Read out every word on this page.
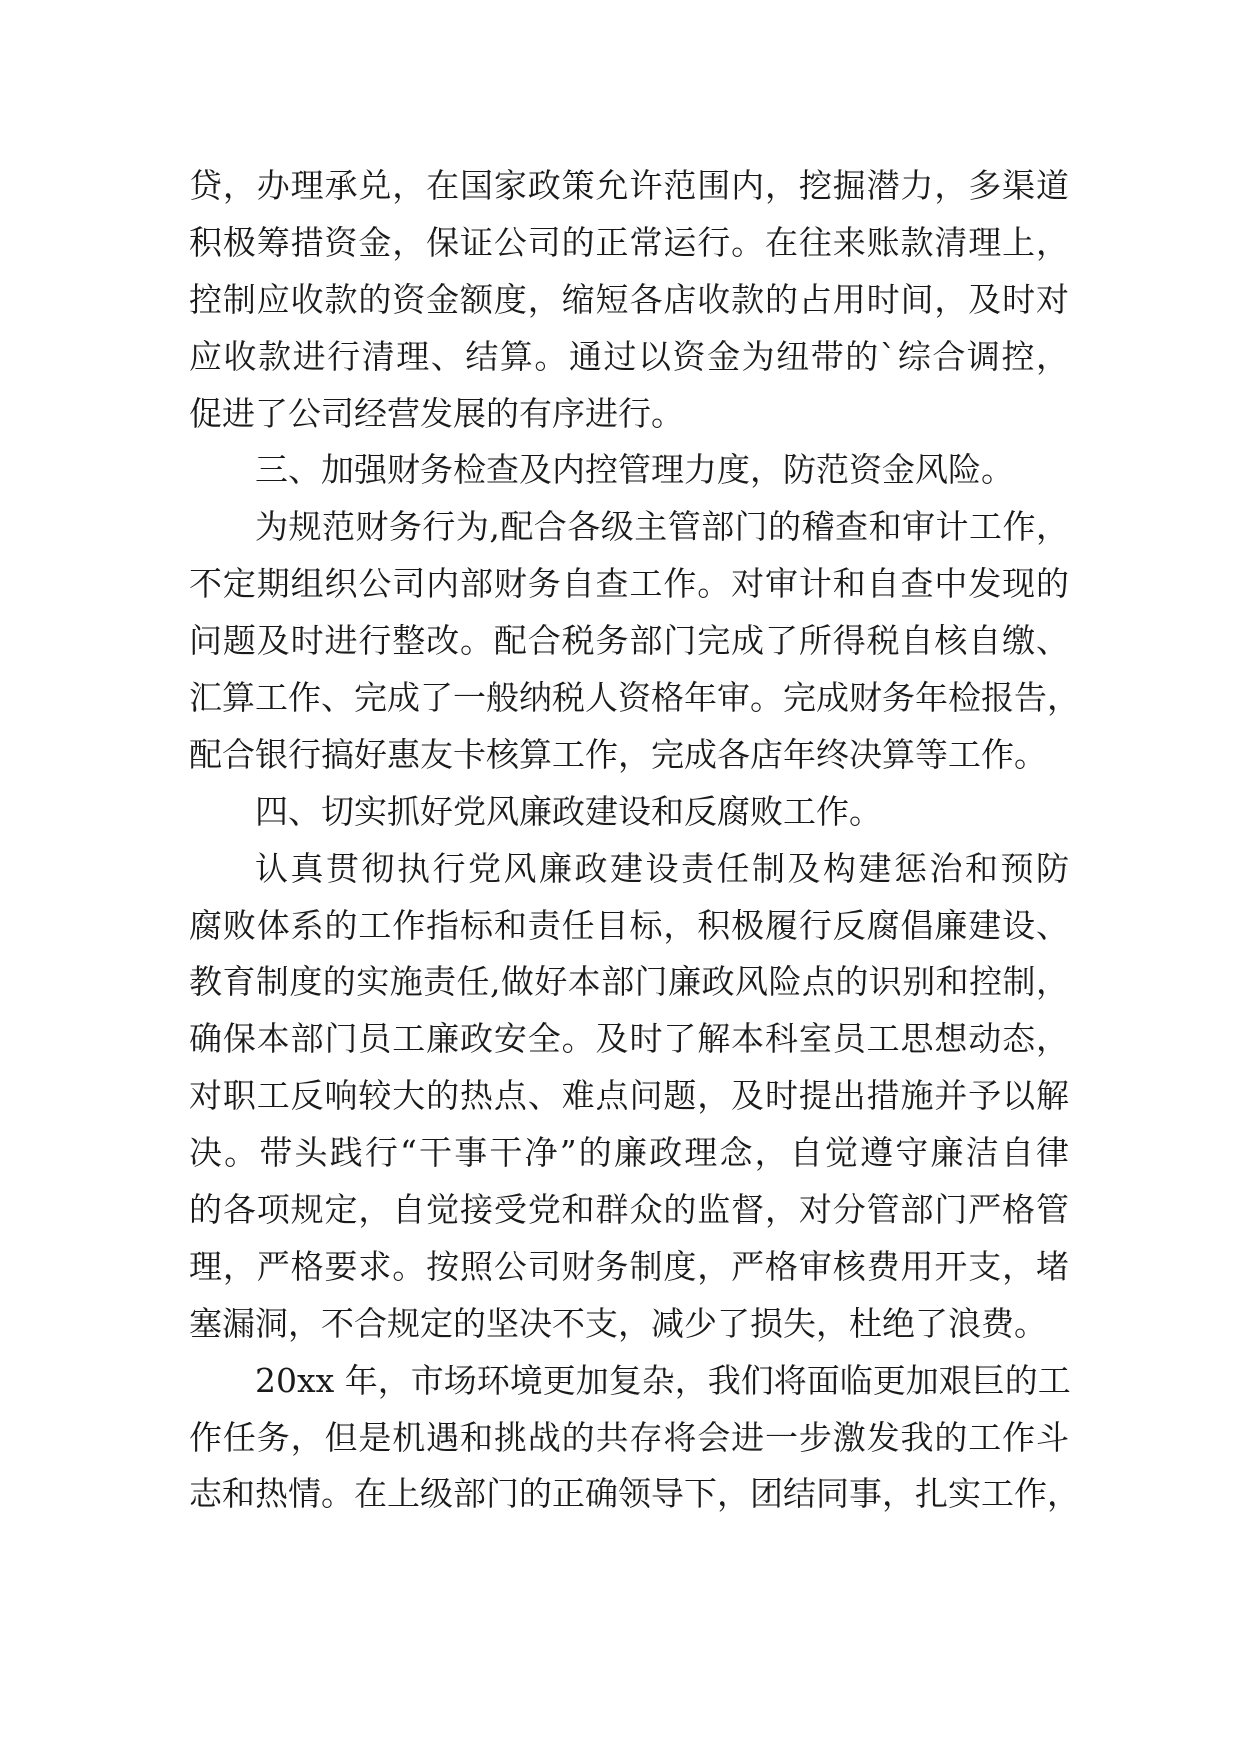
贷，办理承兑，在国家政策允许范围内，挖掘潜力，多渠道
积极筹措资金，保证公司的正常运行。在往来账款清理上，
控制应收款的资金额度，缩短各店收款的占用时间，及时对
应收款进行清理、结算。通过以资金为纽带的`综合调控，
促进了公司经营发展的有序进行。
三、加强财务检查及内控管理力度，防范资金风险。
为规范财务行为,配合各级主管部门的稽查和审计工作，
不定期组织公司内部财务自查工作。对审计和自查中发现的
问题及时进行整改。配合税务部门完成了所得税自核自缴、
汇算工作、完成了一般纳税人资格年审。完成财务年检报告，
配合银行搞好惠友卡核算工作，完成各店年终决算等工作。
四、切实抓好党风廉政建设和反腐败工作。
认真贯彻执行党风廉政建设责任制及构建惩治和预防
腐败体系的工作指标和责任目标，积极履行反腐倡廉建设、
教育制度的实施责任,做好本部门廉政风险点的识别和控制，
确保本部门员工廉政安全。及时了解本科室员工思想动态，
对职工反响较大的热点、难点问题，及时提出措施并予以解
决。带头践行“干事干净”的廉政理念，自觉遵守廉洁自律
的各项规定，自觉接受党和群众的监督，对分管部门严格管
理，严格要求。按照公司财务制度，严格审核费用开支，堵
塞漏洞，不合规定的坚决不支，减少了损失，杜绝了浪费。
20xx 年，市场环境更加复杂，我们将面临更加艰巨的工
作任务，但是机遇和挑战的共存将会进一步激发我的工作斗
志和热情。在上级部门的正确领导下，团结同事，扎实工作，
